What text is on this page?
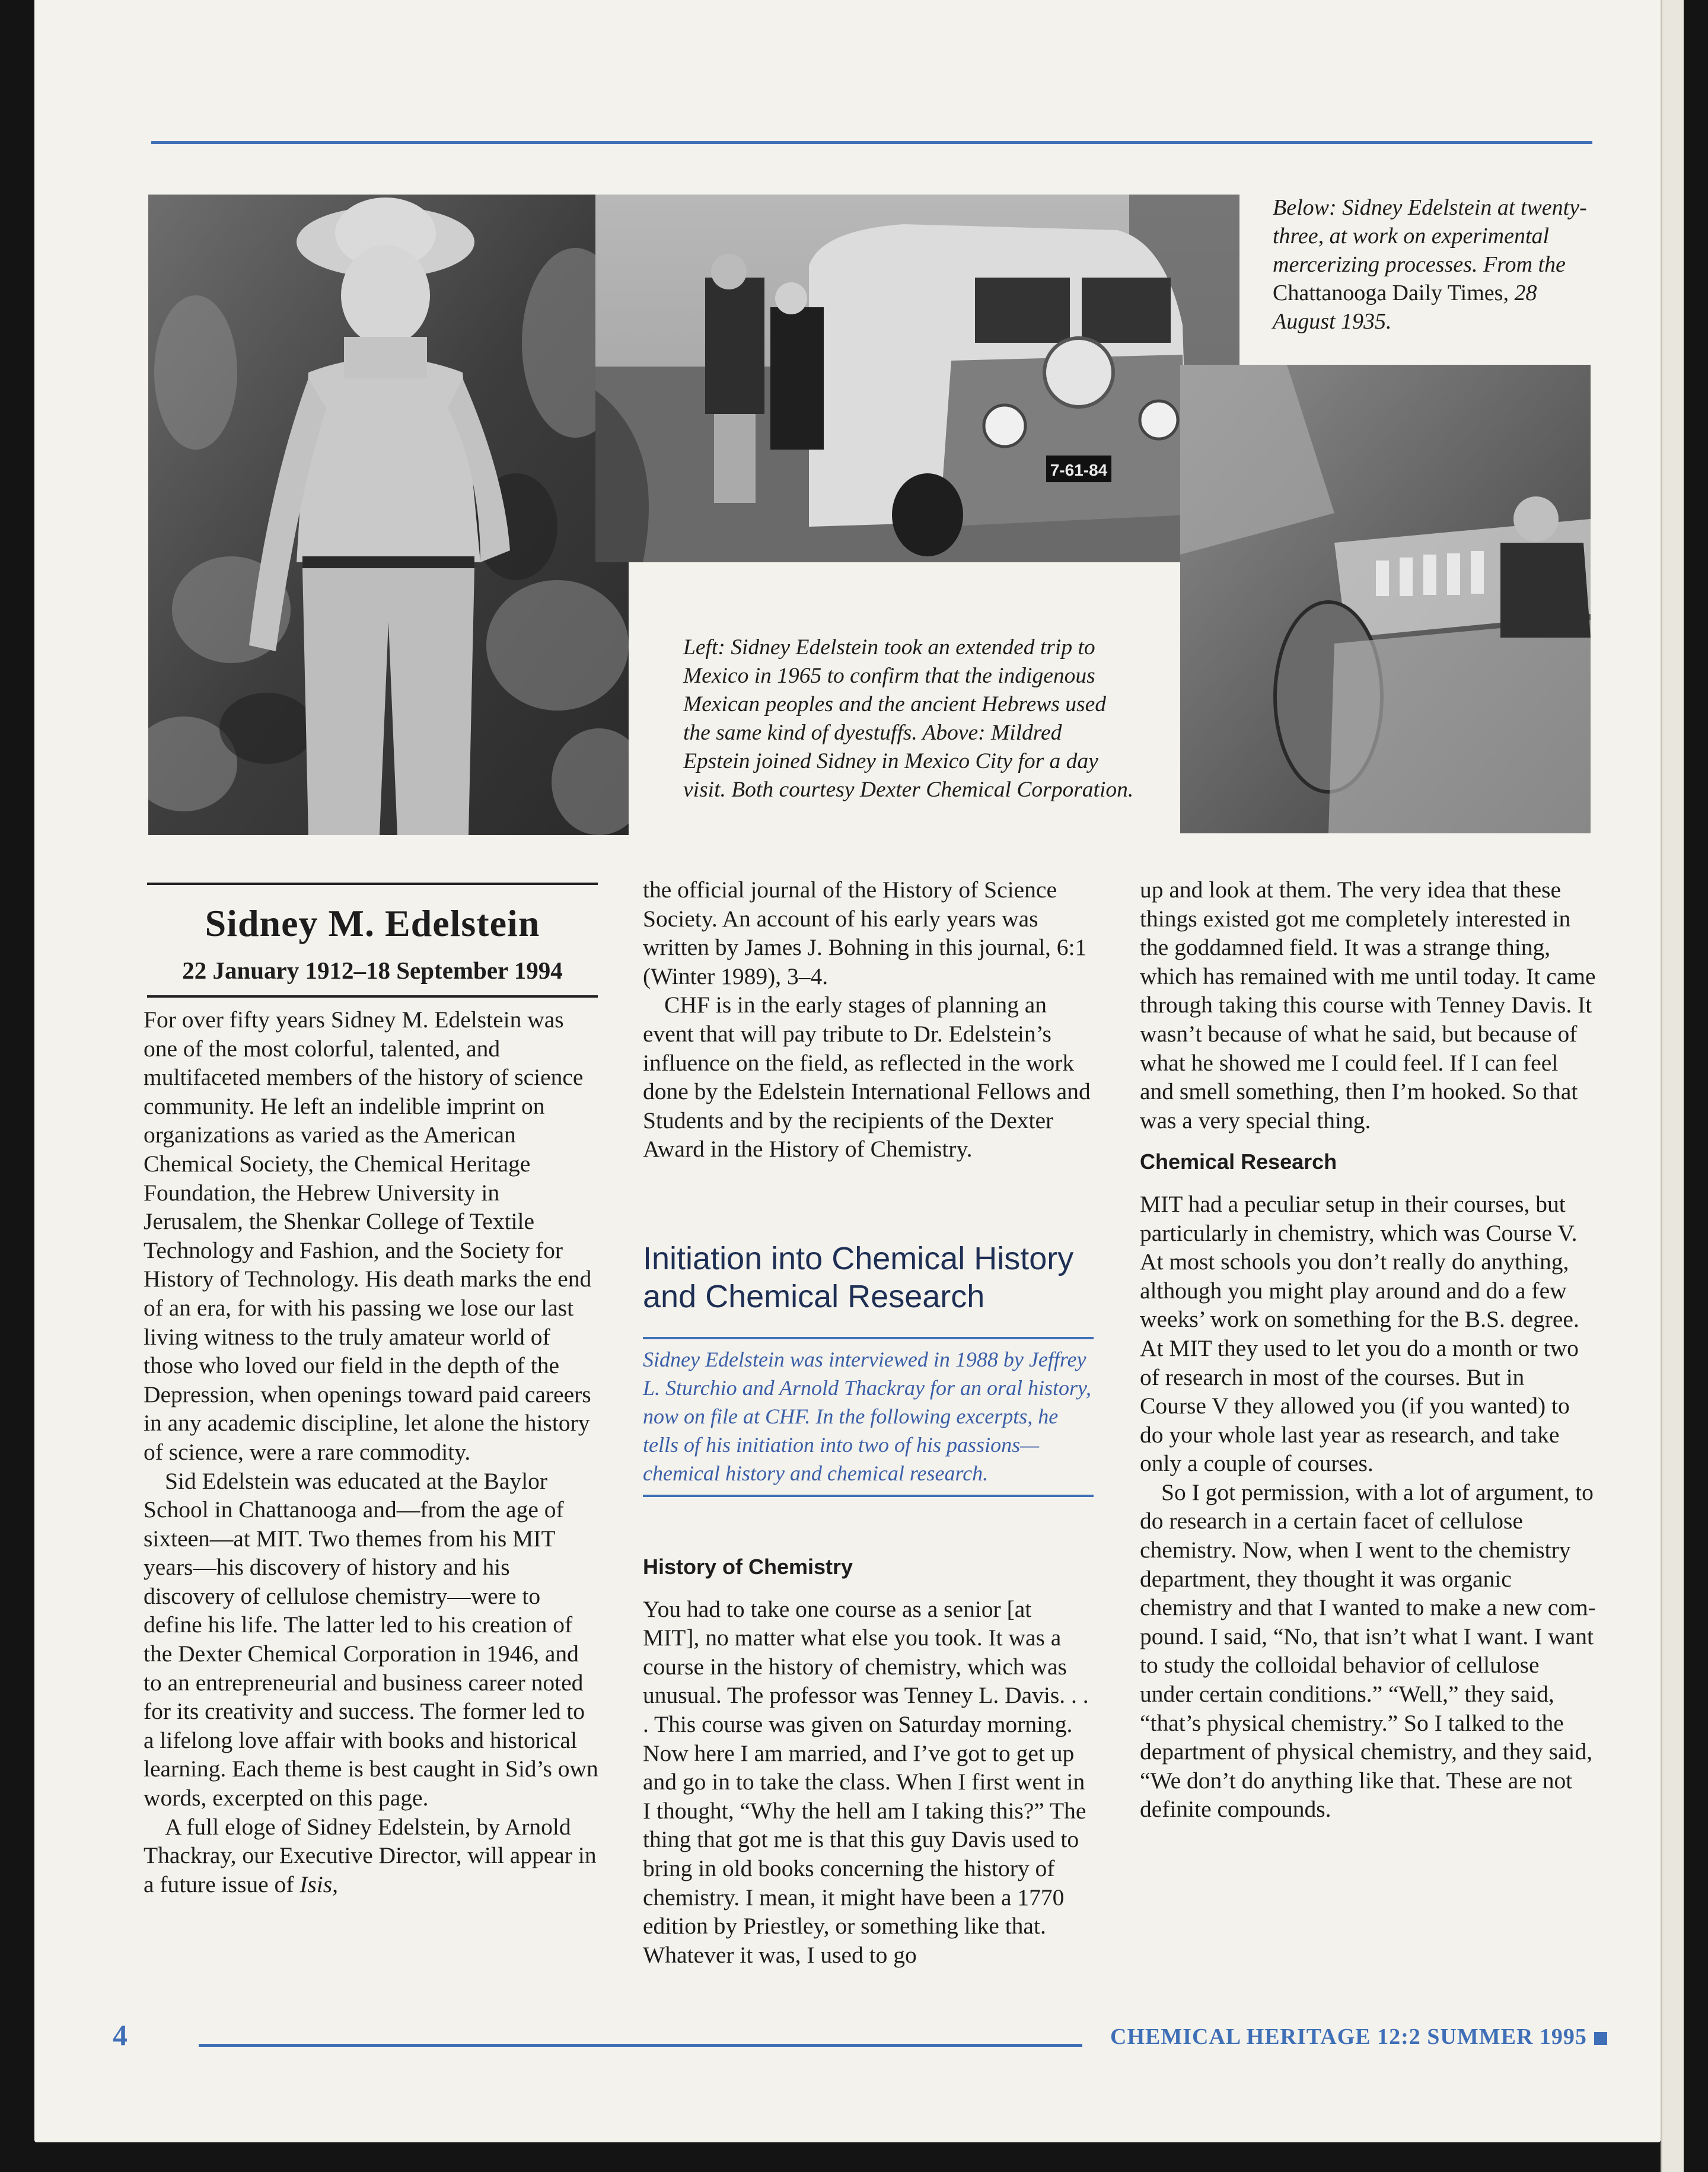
7-61-84
Below: Sidney Edelstein at twenty-three, at work on experimental mercerizing processes. From the Chattanooga Daily Times, 28 August 1935.
Left: Sidney Edelstein took an extended trip to Mexico in 1965 to confirm that the indigenous Mexican peoples and the ancient Hebrews used the same kind of dyestuffs. Above: Mildred Epstein joined Sidney in Mexico City for a day visit. Both courtesy Dexter Chemical Corporation.
Sidney M. Edelstein
22 January 1912–18 September 1994

For over fifty years Sidney M. Edelstein was one of the most colorful, talented, and multifaceted members of the history of science community. He left an indelible imprint on organizations as varied as the American Chemical Society, the Chemical Heritage Foundation, the Hebrew University in Jerusalem, the Shenkar College of Textile Technology and Fashion, and the Society for History of Technology. His death marks the end of an era, for with his passing we lose our last living witness to the truly amateur world of those who loved our field in the depth of the Depression, when openings toward paid careers in any academic discipline, let alone the history of science, were a rare commodity.

Sid Edelstein was educated at the Baylor School in Chattanooga and—from the age of sixteen—at MIT. Two themes from his MIT years—his discovery of history and his discovery of cellulose chemistry—were to define his life. The latter led to his creation of the Dexter Chemical Corporation in 1946, and to an entrepreneurial and business career noted for its creativity and success. The former led to a lifelong love affair with books and historical learning. Each theme is best caught in Sid’s own words, excerpted on this page.

A full eloge of Sidney Edelstein, by Arnold Thackray, our Executive Director, will appear in a future issue of Isis,

the official journal of the History of Science Society. An account of his early years was written by James J. Bohning in this journal, 6:1 (Winter 1989), 3–4.

CHF is in the early stages of planning an event that will pay tribute to Dr. Edelstein’s influence on the field, as reflected in the work done by the Edelstein International Fellows and Students and by the recipients of the Dexter Award in the History of Chemistry.

Initiation into Chemical History and Chemical Research
Sidney Edelstein was interviewed in 1988 by Jeffrey L. Sturchio and Arnold Thackray for an oral history, now on file at CHF. In the following excerpts, he tells of his initiation into two of his passions—chemical history and chemical research.

History of Chemistry

You had to take one course as a senior [at MIT], no matter what else you took. It was a course in the history of chemistry, which was unusual. The professor was Tenney L. Davis. . . . This course was given on Saturday morning. Now here I am married, and I’ve got to get up and go in to take the class. When I first went in I thought, “Why the hell am I taking this?” The thing that got me is that this guy Davis used to bring in old books concerning the history of chemistry. I mean, it might have been a 1770 edition by Priestley, or something like that. Whatever it was, I used to go

up and look at them. The very idea that these things existed got me completely interested in the goddamned field. It was a strange thing, which has remained with me until today. It came through taking this course with Tenney Davis. It wasn’t because of what he said, but because of what he showed me I could feel. If I can feel and smell something, then I’m hooked. So that was a very special thing.

Chemical Research

MIT had a peculiar setup in their courses, but particularly in chemistry, which was Course V. At most schools you don’t really do anything, although you might play around and do a few weeks’ work on something for the B.S. degree. At MIT they used to let you do a month or two of research in most of the courses. But in Course V they allowed you (if you wanted) to do your whole last year as research, and take only a couple of courses.

So I got permission, with a lot of argument, to do research in a certain facet of cellulose chemistry. Now, when I went to the chemistry department, they thought it was organic chemistry and that I wanted to make a new compound. I said, “No, that isn’t what I want. I want to study the colloidal behavior of cellulose under certain conditions.” “Well,” they said, “that’s physical chemistry.” So I talked to the department of physical chemistry, and they said, “We don’t do anything like that. These are not definite compounds.

4	CHEMICAL HERITAGE 12:2 SUMMER 1995
